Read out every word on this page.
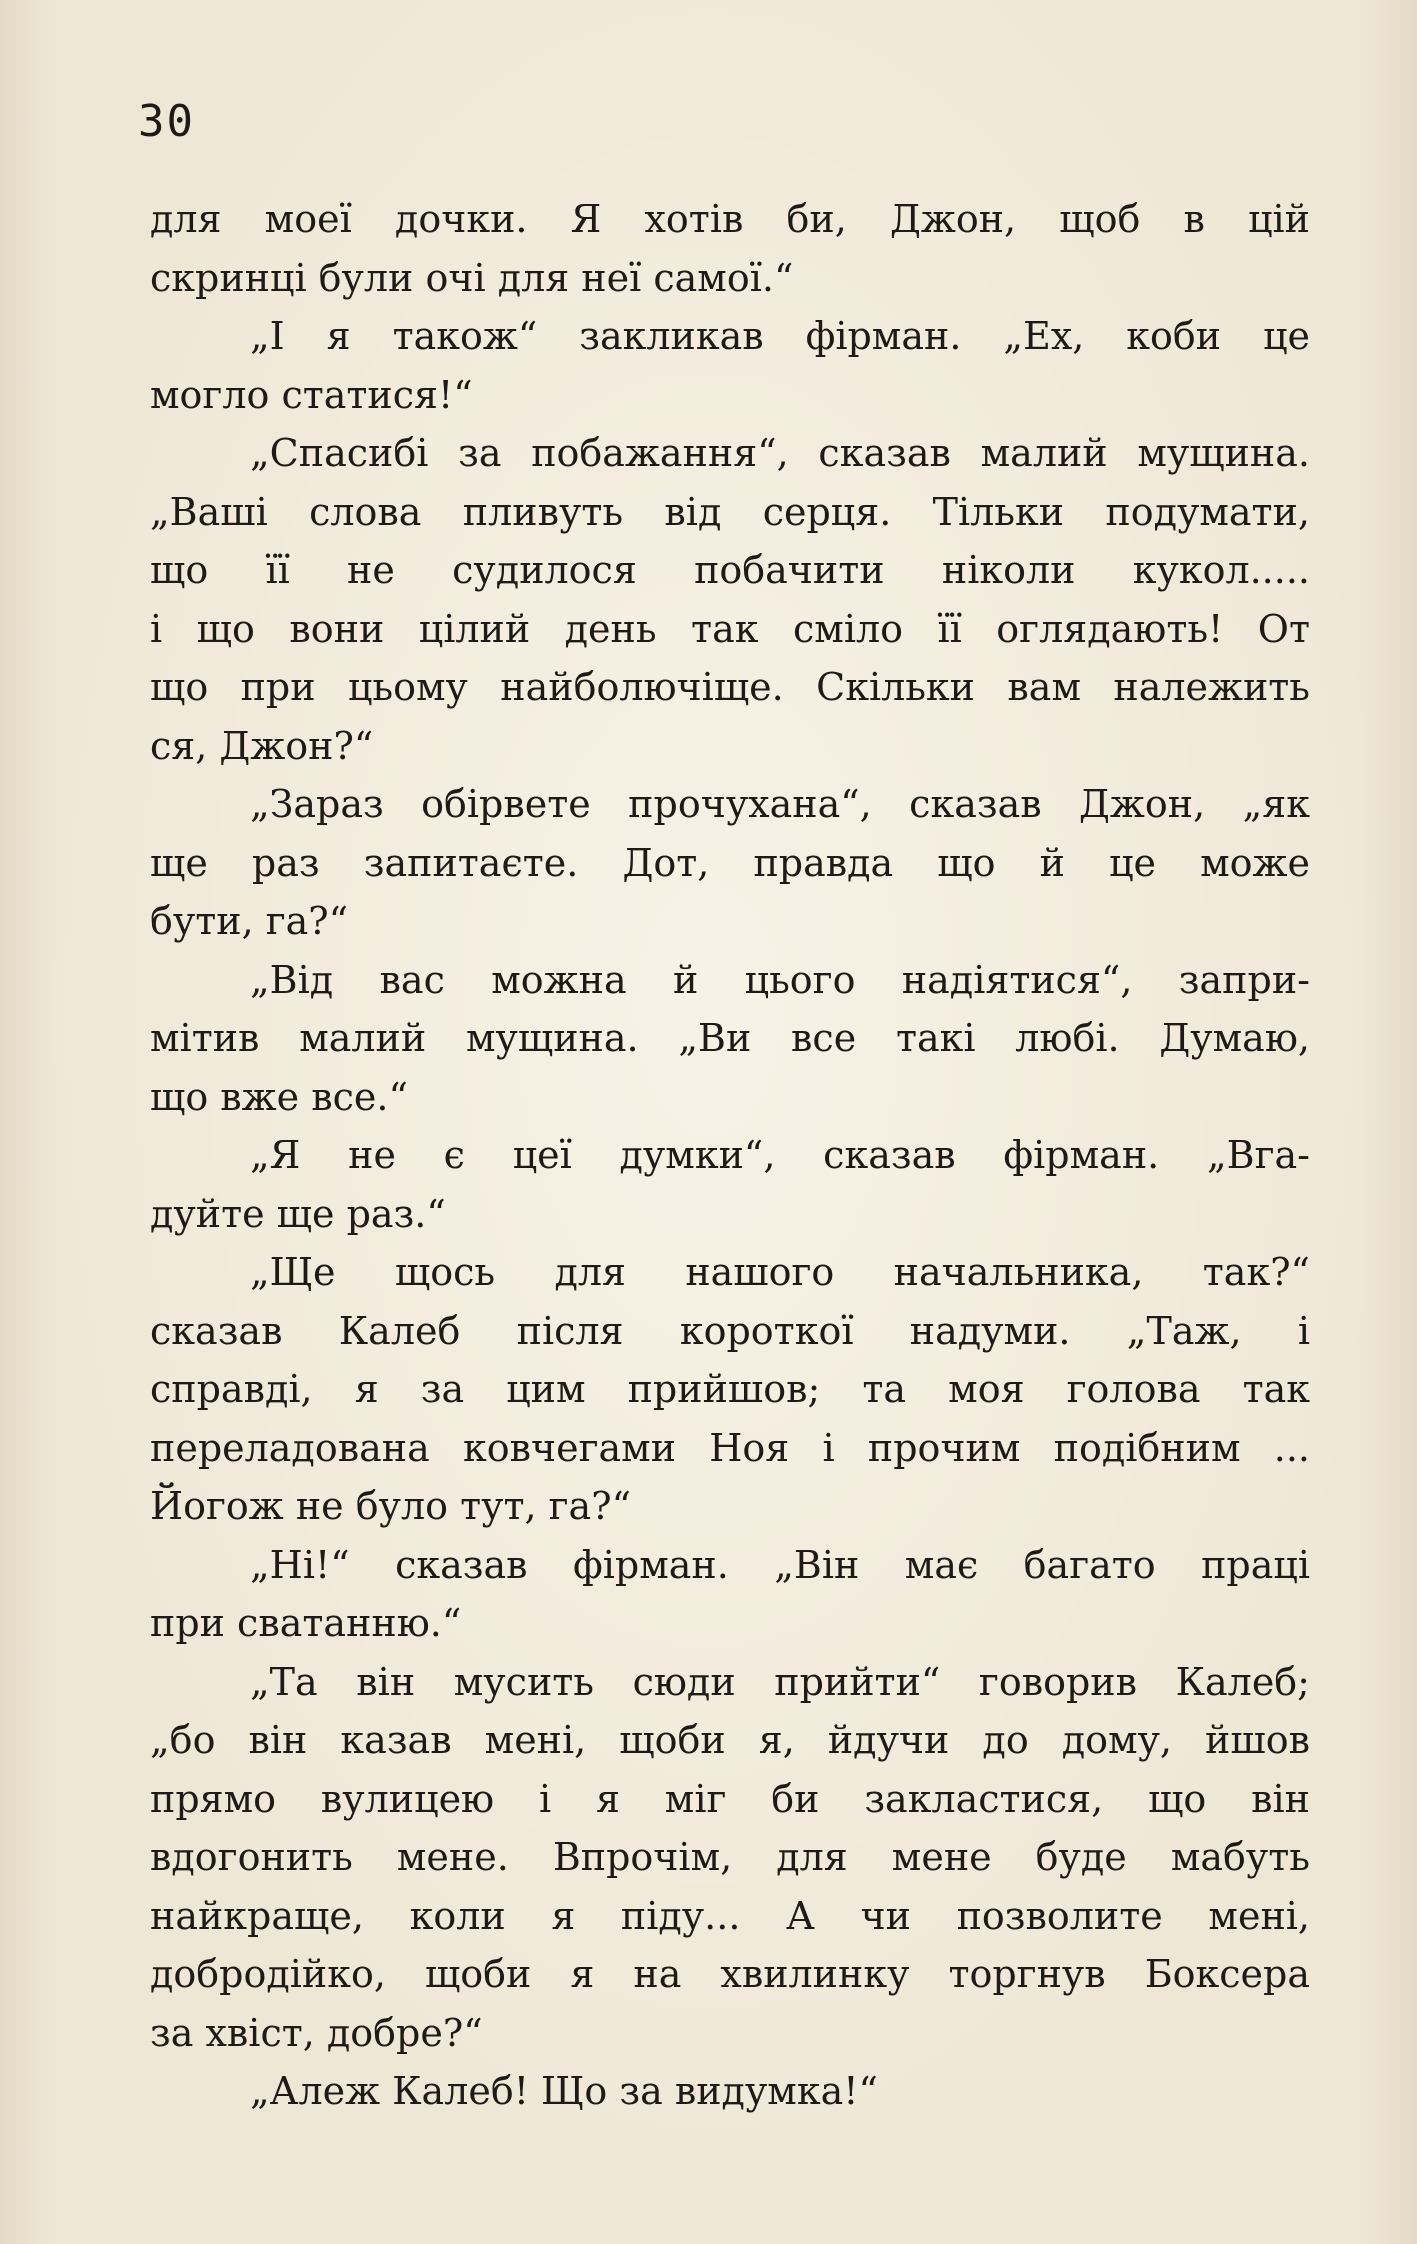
30
для моеї дочки. Я хотів би, Джон, щоб в цій
скринці були очі для неї самої.“
„І я також“ закликав фірман. „Ех, коби це
могло статися!“
„Спасибі за побажання“, сказав малий мущина.
„Ваші слова пливуть від серця. Тільки подумати,
що її не судилося побачити ніколи кукол.....
і що вони цілий день так сміло її оглядають! От
що при цьому найболючіще. Скільки вам належить
ся, Джон?“
„Зараз обірвете прочухана“, сказав Джон, „як
ще раз запитаєте. Дот, правда що й це може
бути, га?“
„Від вас можна й цього надіятися“, запри-
мітив малий мущина. „Ви все такі любі. Думаю,
що вже все.“
„Я не є цеї думки“, сказав фірман. „Вга-
дуйте ще раз.“
„Ще щось для нашого начальника, так?“
сказав Калеб після короткої надуми. „Таж, і
справді, я за цим прийшов; та моя голова так
переладована ковчегами Ноя і прочим подібним ...
Йогож не було тут, га?“
„Ні!“ сказав фірман. „Він має багато праці
при сватанню.“
„Та він мусить сюди прийти“ говорив Калеб;
„бо він казав мені, щоби я, йдучи до дому, йшов
прямо вулицею і я міг би закластися, що він
вдогонить мене. Впрочім, для мене буде мабуть
найкраще, коли я піду... А чи позволите мені,
добродійко, щоби я на хвилинку торгнув Боксера
за хвіст, добре?“
„Алеж Калеб! Що за видумка!“
